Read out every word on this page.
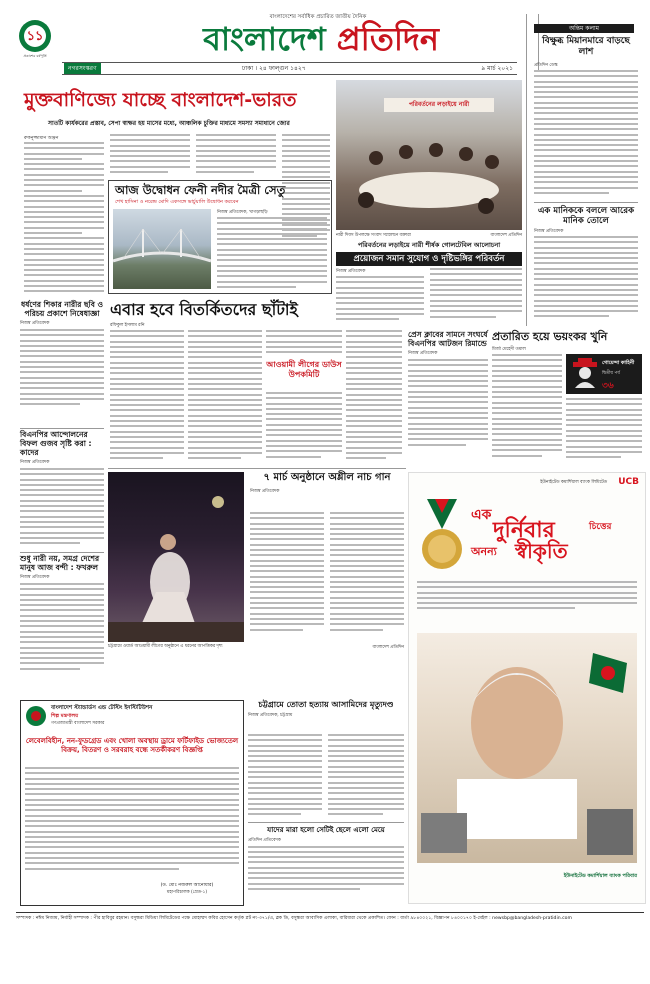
১১
প্রকাশের বর্ষপূর্তি
বাংলাদেশের সর্বাধিক প্রচারিত জাতীয় দৈনিক
বাংলাদেশ প্রতিদিন
নগরসংস্করণ	ঢাকা । ২৪ ফাল্গুন ১৪২৭	৯ মার্চ ২০২১
মুক্তবাণিজ্যে যাচ্ছে বাংলাদেশ-ভারত
সাতটি কার্যকরের প্রস্তাব, সেপা স্বাক্ষর হয় মাসের মধ্যে, আঞ্চলিক চুক্তির মাধ্যমে সমস্যা সমাধানে জোর
রুকনুজ্জামান অঞ্জন
আজ উদ্বোধন ফেনী নদীর মৈত্রী সেতু
শেখ হাসিনা ও নরেন্দ্র মোদি একসঙ্গে ভার্চুয়ালি উদ্বোধন করবেন
নিজস্ব প্রতিবেদক, খাগড়াছড়ি
ধর্ষণের শিকার নারীর ছবি ও পরিচয় প্রকাশে নিষেধাজ্ঞা
নিজস্ব প্রতিবেদক
বিএনপির আন্দোলনের বিফল গুজব সৃষ্টি করা : কাদের
নিজস্ব প্রতিবেদক
শুধু নারী নয়, সমগ্র দেশের মানুষ আজ বন্দী : ফখরুল
নিজস্ব প্রতিবেদক
এবার হবে বিতর্কিতদের ছাঁটাই
রফিকুল ইসলাম রনি
আওয়ামী লীগের ডাউস উপকমিটি
চট্টগ্রামে ওয়ার্ড আওয়ামী লীগের অনুষ্ঠানে এ ধরনের আপত্তিকর দৃশ্য	বাংলাদেশ প্রতিদিন
৭ মার্চ অনুষ্ঠানে অশ্লীল নাচ গান
নিজস্ব প্রতিবেদক
পরিবর্তনের লড়াইয়ে নারী
নারী দিবস উপলক্ষে সংবাদ সম্মেলনে বক্তারা	বাংলাদেশ প্রতিদিন
পরিবর্তনের লড়াইয়ে নারী শীর্ষক গোলটেবিল আলোচনা
প্রয়োজন সমান সুযোগ ও দৃষ্টিভঙ্গির পরিবর্তন
নিজস্ব প্রতিবেদক
প্রেস ক্লাবের সামনে সংঘর্ষে বিএনপির আটজন রিমান্ডে
নিজস্ব প্রতিবেদক
প্রতারিত হয়ে ভয়ংকর খুনি
মির্জা মেহেদী তমাল
গোয়েন্দা কাহিনী
দ্বিতীয় পর্ব
৩৬
অন্তিম কলাম
বিক্ষুব্ধ মিয়ানমারে বাড়ছে লাশ
প্রতিদিন ডেস্ক
এক মানিককে বললে আরেক মানিক তোলে
নিজস্ব প্রতিবেদক
ইউনাইটেড কমার্শিয়াল ব্যাংক লিমিটেড UCB
এক
দুর্নিবার	চিত্তের
অনন্য স্বীকৃতি
ইউনাইটেড কমার্শিয়াল ব্যাংক পরিবার
বাংলাদেশ স্ট্যান্ডার্ডস এন্ড টেস্টিং ইনস্টিটিউশন
শিল্প মন্ত্রণালয়
গণপ্রজাতন্ত্রী বাংলাদেশ সরকার
লেবেলবিহীন, নন-ফুডগ্রেড এবং খোলা অবস্থায় ড্রামে ফর্টিফাইড ভোজ্যতেল বিক্রয়, বিতরণ ও সরবরাহ বন্ধে সতর্কীকরণ বিজ্ঞপ্তি
(ড. মোঃ নজরুল আনোয়ার)
মহাপরিচালক (গ্রেড-১)
চট্টগ্রামে তোতা হত্যায় আসামিদের মৃত্যুদণ্ড
নিজস্ব প্রতিবেদক, চট্টগ্রাম
যাদের মারা হলো সেটিই ছেলে এলো মেয়ে
প্রতিদিন প্রতিবেদক
সম্পাদক : নঈম নিজাম, নির্বাহী সম্পাদক : পীর হাবিবুর রহমান। বসুন্ধরা মিডিয়া লিমিটেডের পক্ষে মোহাম্মদ কবির হোসেন কর্তৃক প্লট নং-৩৭১/এ, ব্লক ডি, বসুন্ধরা আবাসিক এলাকা, বারিধারা থেকে প্রকাশিত। ফোন : বার্তা ৯৮৪০০২১, বিজ্ঞাপন ৮৪০০১৭০ ই-মেইল : newsbp@bangladesh-pratidin.com
